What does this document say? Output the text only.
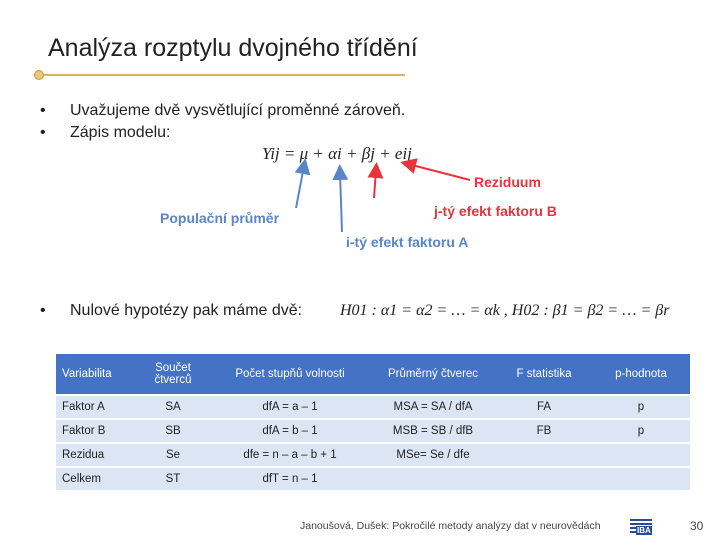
Analýza rozptylu dvojného třídění
•	Uvažujeme dvě vysvětlující proměnné zároveň.
•	Zápis modelu:
Yij = μ + αi + βj + eij
Reziduum
j-tý efekt faktoru B
Populační průměr
i-tý efekt faktoru A
•	Nulové hypotézy pak máme dvě: H01 : α1 = α2 = … = αk , H02 : β1 = β2 = … = βr
Variabilita	Součet čtverců	Počet stupňů volnosti	Průměrný čtverec	F statistika	p-hodnota
Faktor A	SA	dfA = a – 1	MSA = SA / dfA	FA	p
Faktor B	SB	dfA = b – 1	MSB = SB / dfB	FB	p
Rezidua	Se	dfe = n – a – b + 1	MSe= Se / dfe		
Celkem	ST	dfT = n – 1			
Janoušová, Dušek: Pokročilé metody analýzy dat v neurovědách	IBA	30
